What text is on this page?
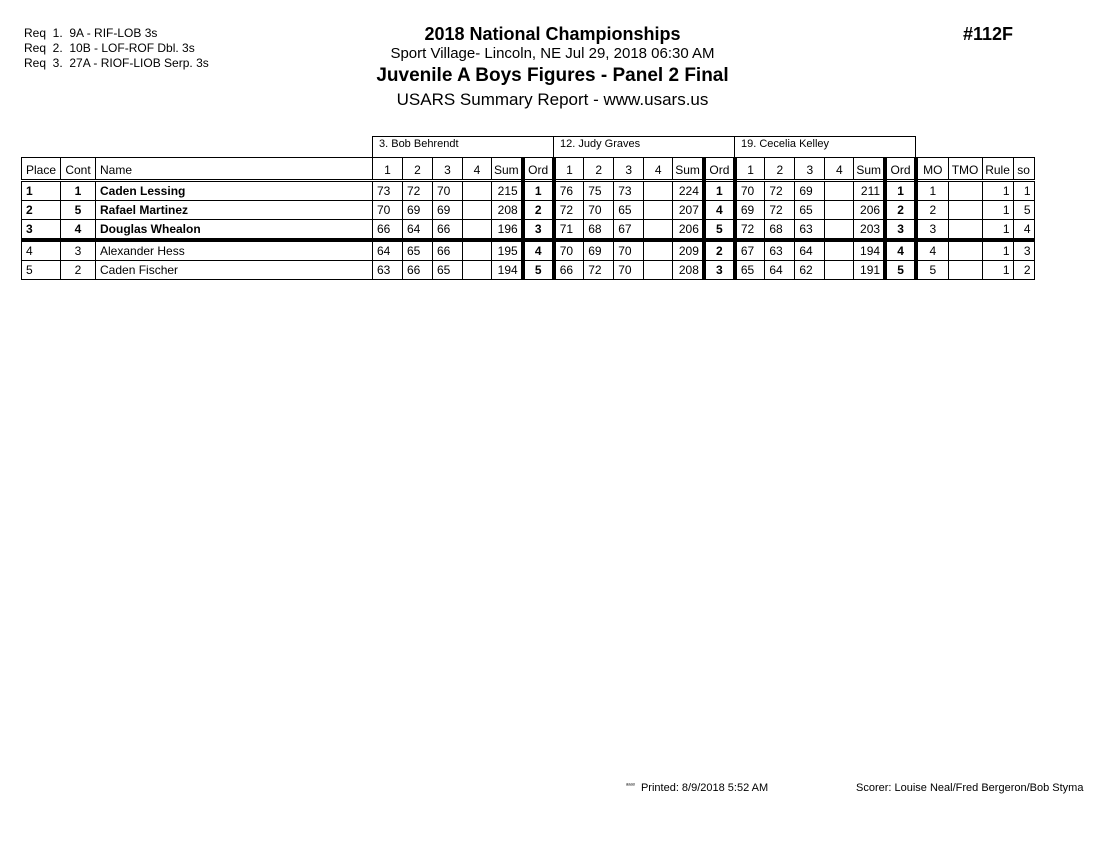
Req  1.  9A - RIF-LOB 3s
Req  2.  10B - LOF-ROF Dbl. 3s
Req  3.  27A - RIOF-LIOB Serp. 3s
2018 National Championships
Sport Village- Lincoln, NE Jul 29, 2018 06:30 AM
Juvenile A Boys Figures - Panel 2 Final
USARS Summary Report - www.usars.us
#112F
3. Bob Behrendt	12. Judy Graves	19. Cecelia Kelley
Place	Cont	Name	1	2	3	4	Sum	Ord	1	2	3	4	Sum	Ord	1	2	3	4	Sum	Ord	MO	TMO	Rule	so
1	1	Caden Lessing	73	72	70		215	1	76	75	73		224	1	70	72	69		211	1	1		1	1
2	5	Rafael Martinez	70	69	69		208	2	72	70	65		207	4	69	72	65		206	2	2		1	5
3	4	Douglas Whealon	66	64	66		196	3	71	68	67		206	5	72	68	63		203	3	3		1	4
4	3	Alexander Hess	64	65	66		195	4	70	69	70		209	2	67	63	64		194	4	4		1	3
5	2	Caden Fischer	63	66	65		194	5	66	72	70		208	3	65	64	62		191	5	5		1	2
$^{ᵃᵃᵃᵒ}$ Printed: 8/9/2018 5:52 AM	Scorer: Louise Neal/Fred Bergeron/Bob Styma
